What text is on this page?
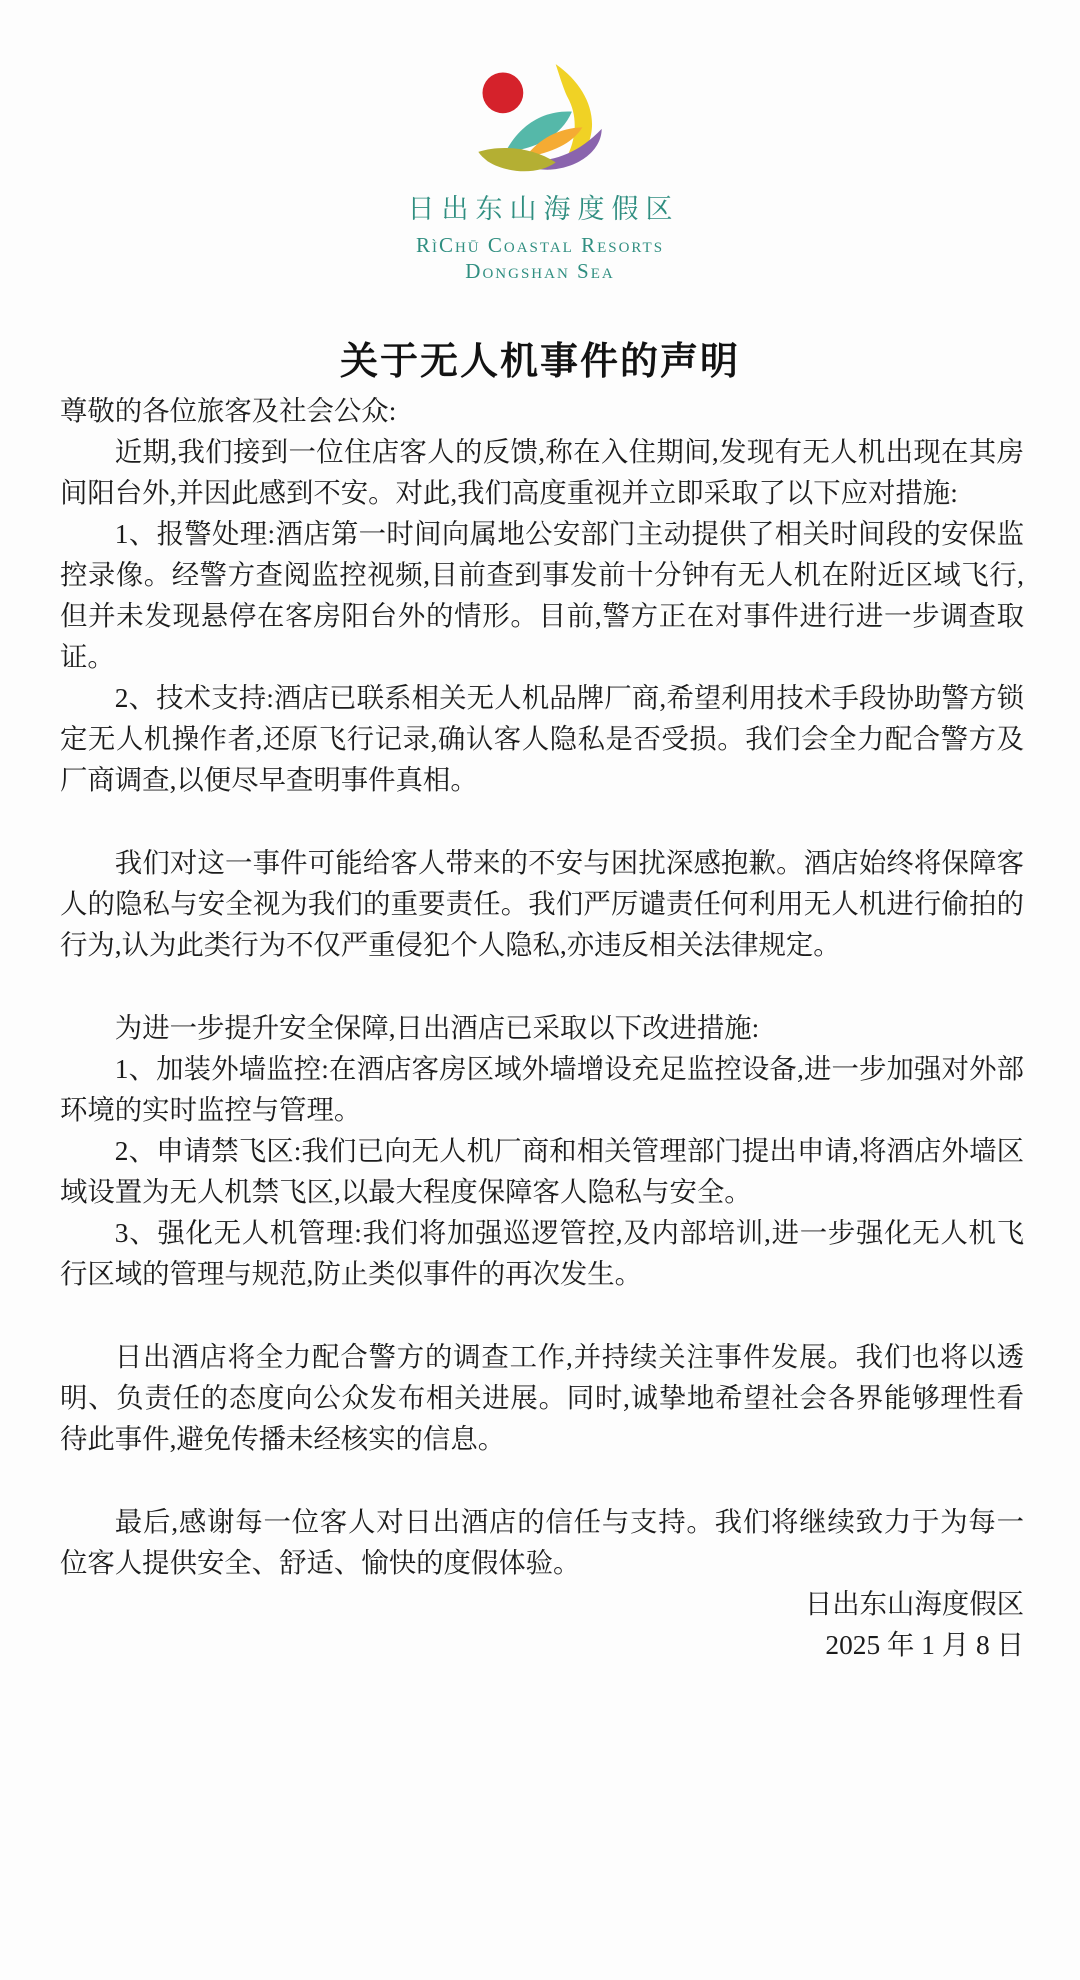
日出东山海度假区
RìChū Coastal Resorts
Dongshan Sea
关于无人机事件的声明

尊敬的各位旅客及社会公众:

近期,我们接到一位住店客人的反馈,称在入住期间,发现有无人机出现在其房间阳台外,并因此感到不安。对此,我们高度重视并立即采取了以下应对措施:

1、报警处理:酒店第一时间向属地公安部门主动提供了相关时间段的安保监控录像。经警方查阅监控视频,目前查到事发前十分钟有无人机在附近区域飞行,但并未发现悬停在客房阳台外的情形。目前,警方正在对事件进行进一步调查取证。

2、技术支持:酒店已联系相关无人机品牌厂商,希望利用技术手段协助警方锁定无人机操作者,还原飞行记录,确认客人隐私是否受损。我们会全力配合警方及厂商调查,以便尽早查明事件真相。

我们对这一事件可能给客人带来的不安与困扰深感抱歉。酒店始终将保障客人的隐私与安全视为我们的重要责任。我们严厉谴责任何利用无人机进行偷拍的行为,认为此类行为不仅严重侵犯个人隐私,亦违反相关法律规定。

为进一步提升安全保障,日出酒店已采取以下改进措施:

1、加装外墙监控:在酒店客房区域外墙增设充足监控设备,进一步加强对外部环境的实时监控与管理。

2、申请禁飞区:我们已向无人机厂商和相关管理部门提出申请,将酒店外墙区域设置为无人机禁飞区,以最大程度保障客人隐私与安全。

3、强化无人机管理:我们将加强巡逻管控,及内部培训,进一步强化无人机飞行区域的管理与规范,防止类似事件的再次发生。

日出酒店将全力配合警方的调查工作,并持续关注事件发展。我们也将以透明、负责任的态度向公众发布相关进展。同时,诚挚地希望社会各界能够理性看待此事件,避免传播未经核实的信息。

最后,感谢每一位客人对日出酒店的信任与支持。我们将继续致力于为每一位客人提供安全、舒适、愉快的度假体验。

日出东山海度假区

2025 年 1 月 8 日
